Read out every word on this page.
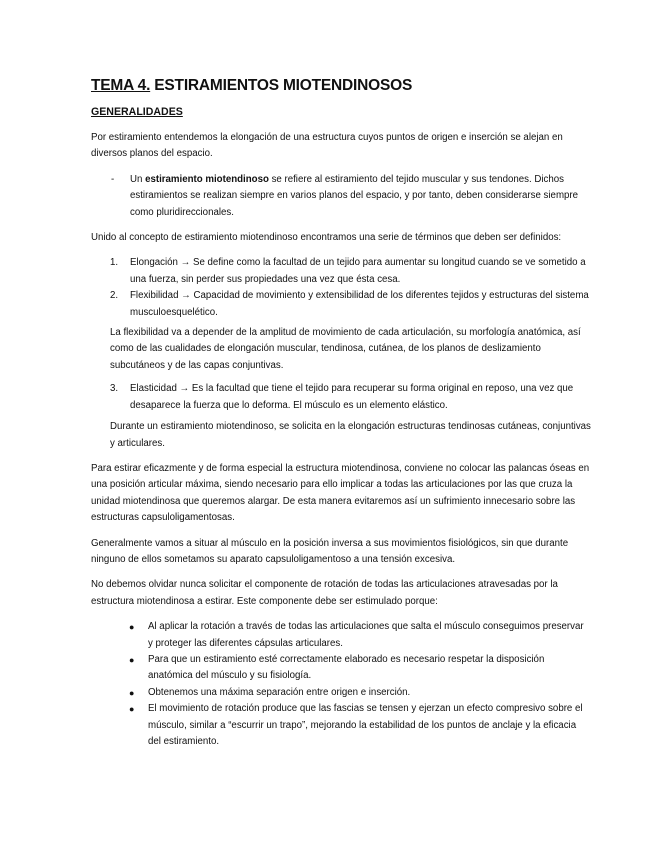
TEMA 4. ESTIRAMIENTOS MIOTENDINOSOS
GENERALIDADES

Por estiramiento entendemos la elongación de una estructura cuyos puntos de origen e inserción se alejan en diversos planos del espacio.

- Un estiramiento miotendinoso se refiere al estiramiento del tejido muscular y sus tendones. Dichos estiramientos se realizan siempre en varios planos del espacio, y por tanto, deben considerarse siempre como pluridireccionales.

Unido al concepto de estiramiento miotendinoso encontramos una serie de términos que deben ser definidos:

1. Elongación → Se define como la facultad de un tejido para aumentar su longitud cuando se ve sometido a una fuerza, sin perder sus propiedades una vez que ésta cesa.
2. Flexibilidad → Capacidad de movimiento y extensibilidad de los diferentes tejidos y estructuras del sistema musculoesquelético.

La flexibilidad va a depender de la amplitud de movimiento de cada articulación, su morfología anatómica, así como de las cualidades de elongación muscular, tendinosa, cutánea, de los planos de deslizamiento subcutáneos y de las capas conjuntivas.

3. Elasticidad → Es la facultad que tiene el tejido para recuperar su forma original en reposo, una vez que desaparece la fuerza que lo deforma. El músculo es un elemento elástico.

Durante un estiramiento miotendinoso, se solicita en la elongación estructuras tendinosas cutáneas, conjuntivas y articulares.

Para estirar eficazmente y de forma especial la estructura miotendinosa, conviene no colocar las palancas óseas en una posición articular máxima, siendo necesario para ello implicar a todas las articulaciones por las que cruza la unidad miotendinosa que queremos alargar. De esta manera evitaremos así un sufrimiento innecesario sobre las estructuras capsuloligamentosas.

Generalmente vamos a situar al músculo en la posición inversa a sus movimientos fisiológicos, sin que durante ninguno de ellos sometamos su aparato capsuloligamentoso a una tensión excesiva.

No debemos olvidar nunca solicitar el componente de rotación de todas las articulaciones atravesadas por la estructura miotendinosa a estirar. Este componente debe ser estimulado porque:

● Al aplicar la rotación a través de todas las articulaciones que salta el músculo conseguimos preservar y proteger las diferentes cápsulas articulares.
● Para que un estiramiento esté correctamente elaborado es necesario respetar la disposición anatómica del músculo y su fisiología.
● Obtenemos una máxima separación entre origen e inserción.
● El movimiento de rotación produce que las fascias se tensen y ejerzan un efecto compresivo sobre el músculo, similar a “escurrir un trapo”, mejorando la estabilidad de los puntos de anclaje y la eficacia del estiramiento.
